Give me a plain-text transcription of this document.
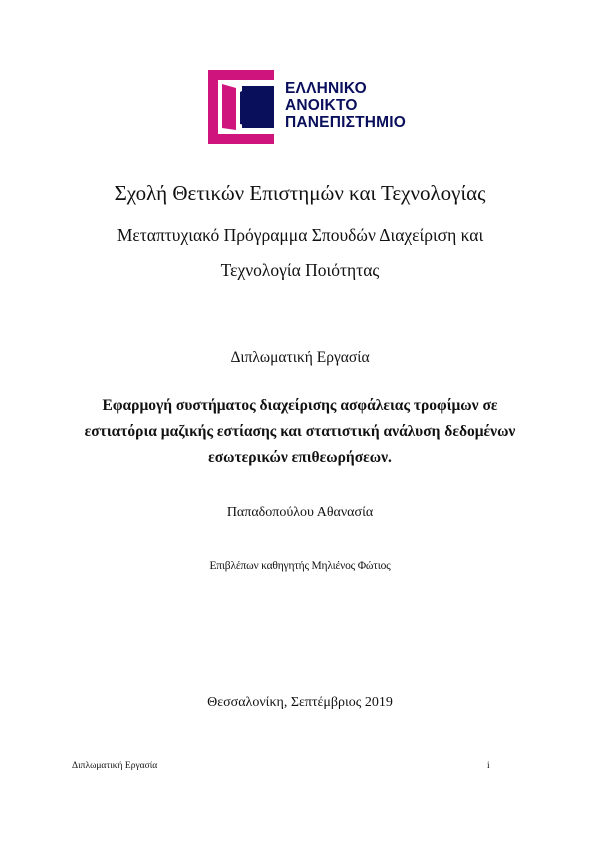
ΕΛΛΗΝΙΚΟ
ΑΝΟΙΚΤΟ
ΠΑΝΕΠΙΣΤΗΜΙΟ
Σχολή Θετικών Επιστημών και Τεχνολογίας
Μεταπτυχιακό Πρόγραμμα Σπουδών Διαχείριση και
Τεχνολογία Ποιότητας
Διπλωματική Εργασία
Εφαρμογή συστήματος διαχείρισης ασφάλειας τροφίμων σε
εστιατόρια μαζικής εστίασης και στατιστική ανάλυση δεδομένων
εσωτερικών επιθεωρήσεων.
Παπαδοπούλου Αθανασία
Επιβλέπων καθηγητής Μηλιένος Φώτιος
Θεσσαλονίκη, Σεπτέμβριος 2019
Διπλωματική Εργασία	i
